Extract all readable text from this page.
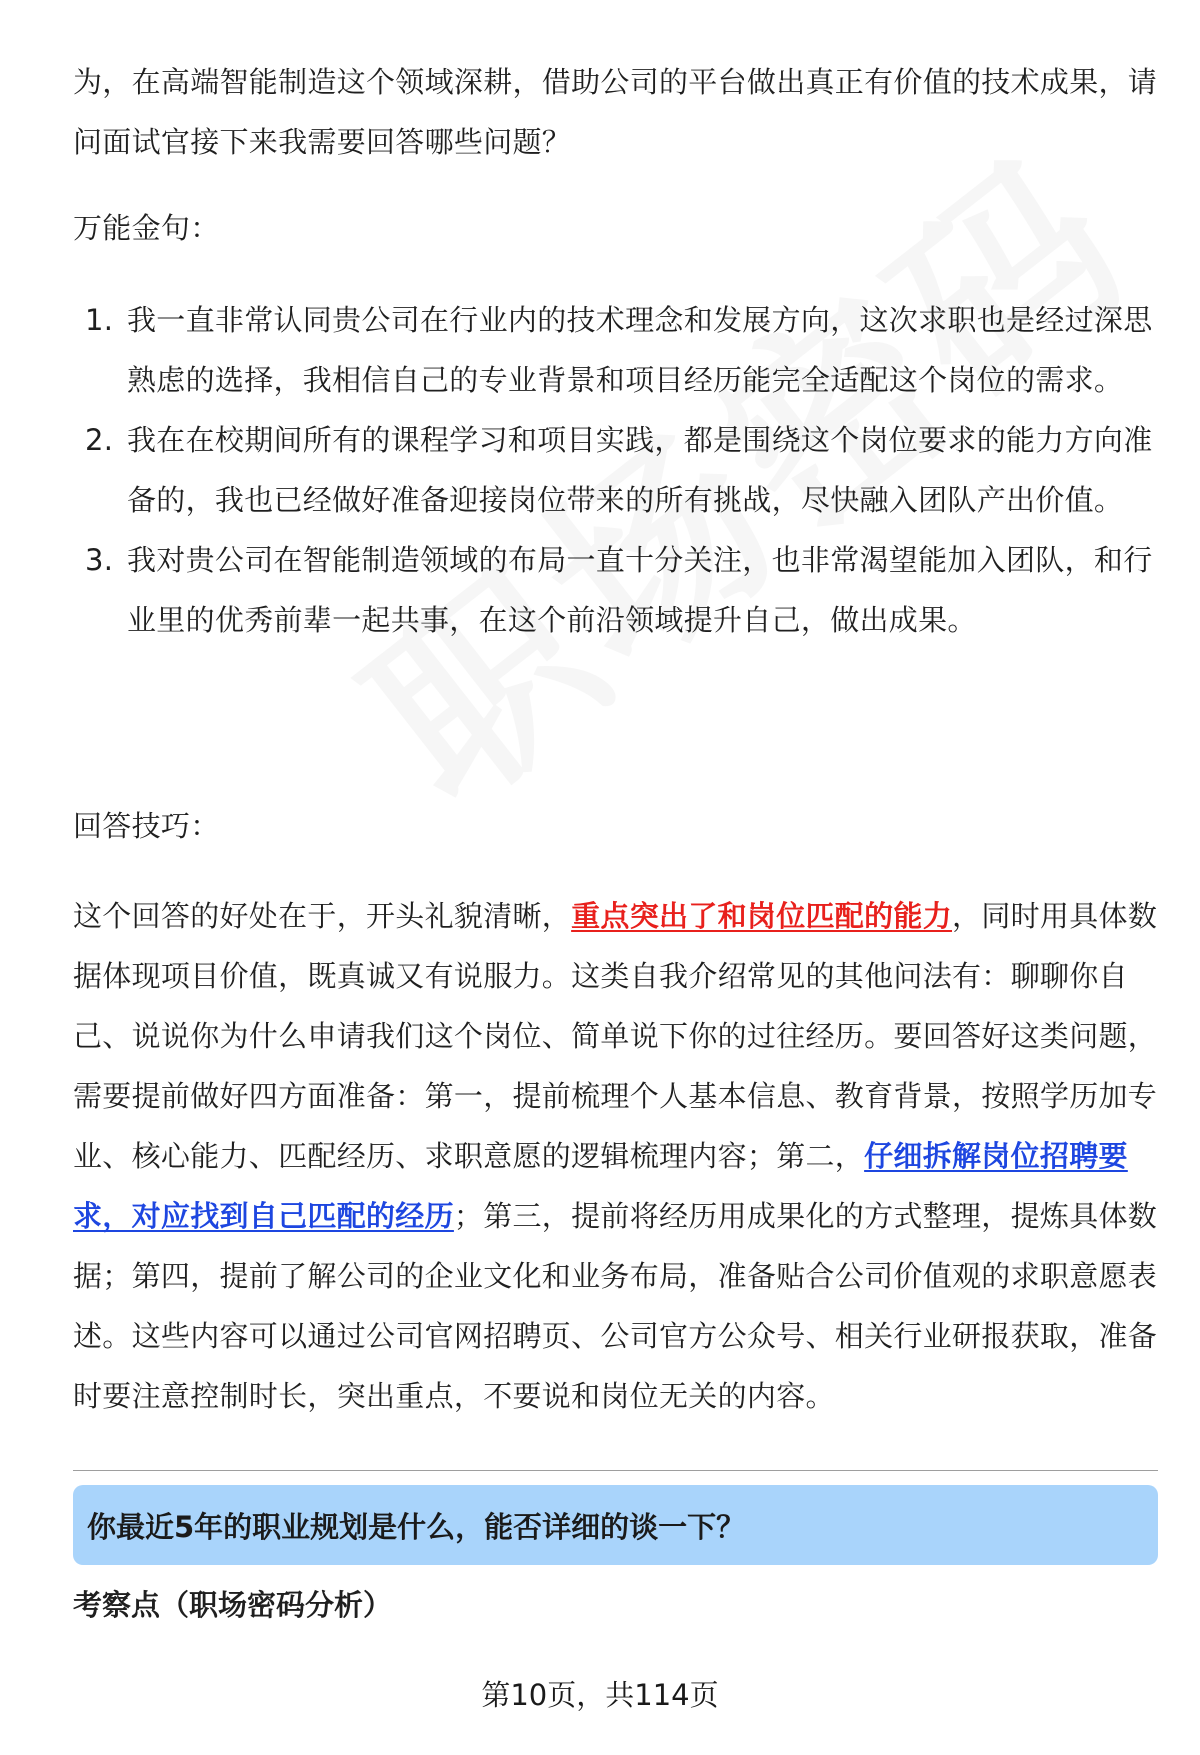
为，在高端智能制造这个领域深耕，借助公司的平台做出真正有价值的技术成果，请问面试官接下来我需要回答哪些问题？

万能金句：

1. 我一直非常认同贵公司在行业内的技术理念和发展方向，这次求职也是经过深思熟虑的选择，我相信自己的专业背景和项目经历能完全适配这个岗位的需求。
2. 我在在校期间所有的课程学习和项目实践，都是围绕这个岗位要求的能力方向准备的，我也已经做好准备迎接岗位带来的所有挑战，尽快融入团队产出价值。
3. 我对贵公司在智能制造领域的布局一直十分关注，也非常渴望能加入团队，和行业里的优秀前辈一起共事，在这个前沿领域提升自己，做出成果。

回答技巧：

这个回答的好处在于，开头礼貌清晰，重点突出了和岗位匹配的能力，同时用具体数据体现项目价值，既真诚又有说服力。这类自我介绍常见的其他问法有：聊聊你自己、说说你为什么申请我们这个岗位、简单说下你的过往经历。要回答好这类问题，需要提前做好四方面准备：第一，提前梳理个人基本信息、教育背景，按照学历加专业、核心能力、匹配经历、求职意愿的逻辑梳理内容；第二，仔细拆解岗位招聘要求，对应找到自己匹配的经历；第三，提前将经历用成果化的方式整理，提炼具体数据；第四，提前了解公司的企业文化和业务布局，准备贴合公司价值观的求职意愿表述。这些内容可以通过公司官网招聘页、公司官方公众号、相关行业研报获取，准备时要注意控制时长，突出重点，不要说和岗位无关的内容。

你最近5年的职业规划是什么，能否详细的谈一下？
考察点（职场密码分析）
第10页，共114页
